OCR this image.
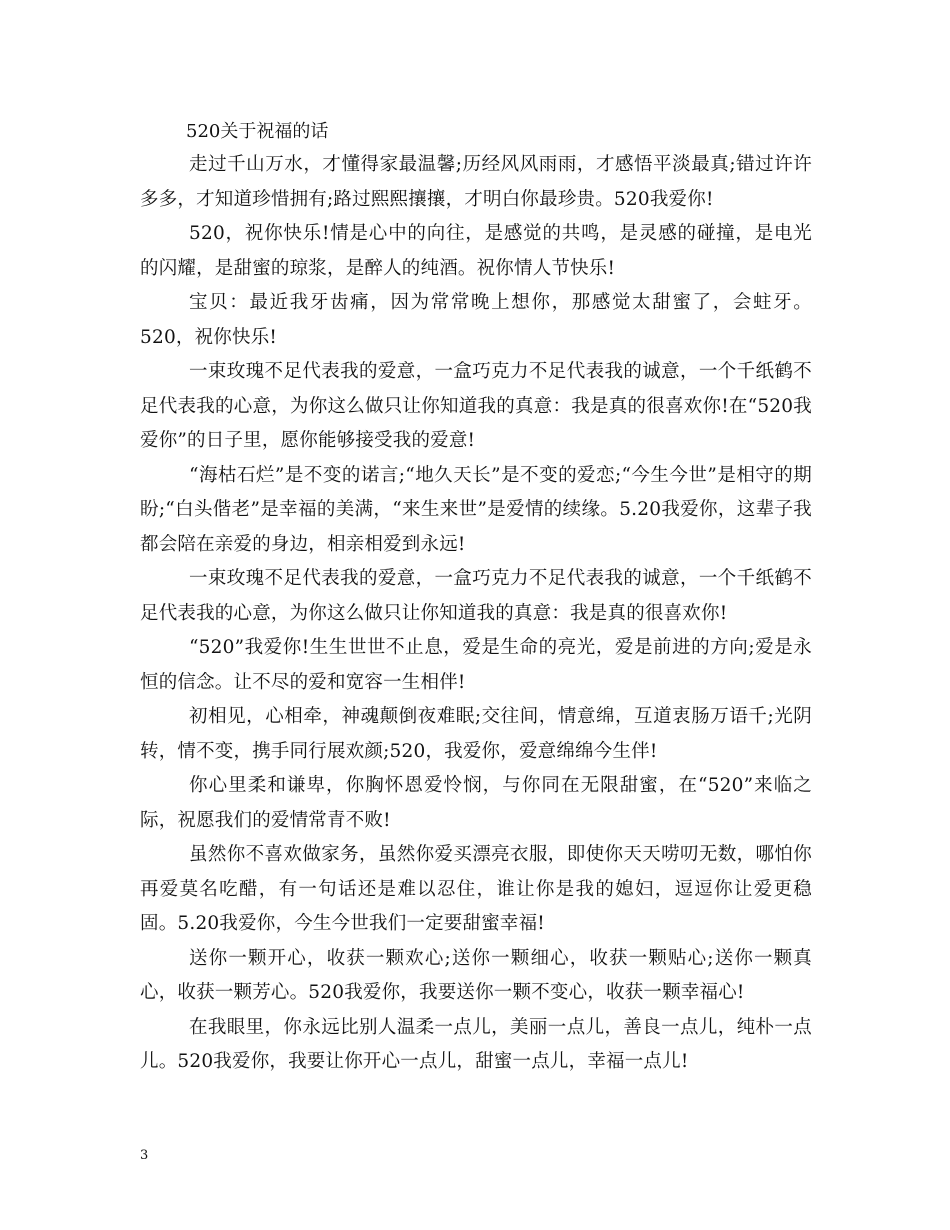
520关于祝福的话

走过千山万水，才懂得家最温馨;历经风风雨雨，才感悟平淡最真;错过许许多多，才知道珍惜拥有;路过熙熙攘攘，才明白你最珍贵。520我爱你!

520，祝你快乐!情是心中的向往，是感觉的共鸣，是灵感的碰撞，是电光的闪耀，是甜蜜的琼浆，是醉人的纯酒。祝你情人节快乐!

宝贝：最近我牙齿痛，因为常常晚上想你，那感觉太甜蜜了，会蛀牙。520，祝你快乐!

一束玫瑰不足代表我的爱意，一盒巧克力不足代表我的诚意，一个千纸鹤不足代表我的心意，为你这么做只让你知道我的真意：我是真的很喜欢你!在“520我爱你”的日子里，愿你能够接受我的爱意!

“海枯石烂”是不变的诺言;“地久天长”是不变的爱恋;“今生今世”是相守的期盼;“白头偕老”是幸福的美满，“来生来世”是爱情的续缘。5.20我爱你，这辈子我都会陪在亲爱的身边，相亲相爱到永远!

一束玫瑰不足代表我的爱意，一盒巧克力不足代表我的诚意，一个千纸鹤不足代表我的心意，为你这么做只让你知道我的真意：我是真的很喜欢你!

“520”我爱你!生生世世不止息，爱是生命的亮光，爱是前进的方向;爱是永恒的信念。让不尽的爱和宽容一生相伴!

初相见，心相牵，神魂颠倒夜难眠;交往间，情意绵，互道衷肠万语千;光阴转，情不变，携手同行展欢颜;520，我爱你，爱意绵绵今生伴!

你心里柔和谦卑，你胸怀恩爱怜悯，与你同在无限甜蜜，在“520”来临之际，祝愿我们的爱情常青不败!

虽然你不喜欢做家务，虽然你爱买漂亮衣服，即使你天天唠叨无数，哪怕你再爱莫名吃醋，有一句话还是难以忍住，谁让你是我的媳妇，逗逗你让爱更稳固。5.20我爱你，今生今世我们一定要甜蜜幸福!

送你一颗开心，收获一颗欢心;送你一颗细心，收获一颗贴心;送你一颗真心，收获一颗芳心。520我爱你，我要送你一颗不变心，收获一颗幸福心!

在我眼里，你永远比别人温柔一点儿，美丽一点儿，善良一点儿，纯朴一点儿。520我爱你，我要让你开心一点儿，甜蜜一点儿，幸福一点儿!

3
